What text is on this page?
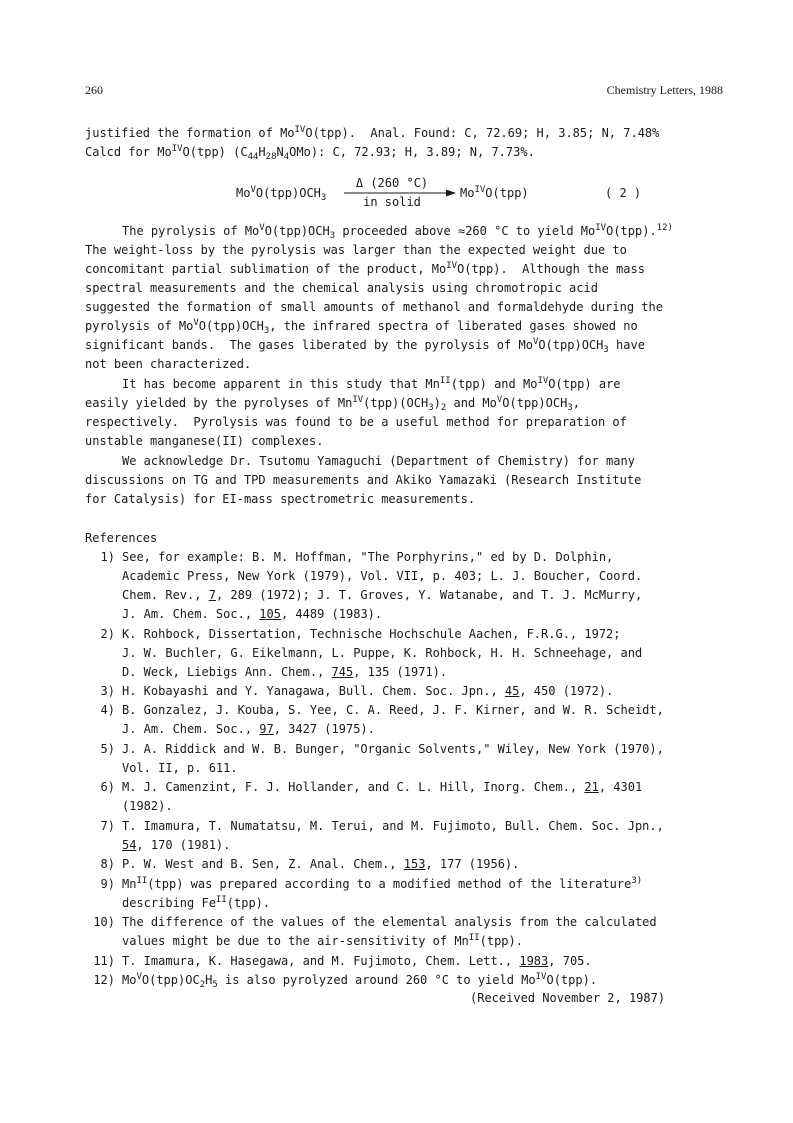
260	Chemistry Letters, 1988
justified the formation of $Mo^{IV}O(tpp)$.  Anal. Found: C, 72.69; H, 3.85; N, 7.48%
Calcd for $Mo^{IV}O(tpp)$ $(C_{44}H_{28}N_4OMo)$: C, 72.93; H, 3.89; N, 7.73%.
$Mo^VO(tpp)OCH_3$
Δ (260 °C)
in solid
$Mo^{IV}O(tpp)$	( 2 )
The pyrolysis of $Mo^VO(tpp)OCH_3$ proceeded above ≈260 °C to yield $Mo^{IV}O(tpp).^{12)}$
The weight-loss by the pyrolysis was larger than the expected weight due to
concomitant partial sublimation of the product, $Mo^{IV}O(tpp)$.  Although the mass
spectral measurements and the chemical analysis using chromotropic acid
suggested the formation of small amounts of methanol and formaldehyde during the
pyrolysis of $Mo^VO(tpp)OCH_3$, the infrared spectra of liberated gases showed no
significant bands.  The gases liberated by the pyrolysis of $Mo^VO(tpp)OCH_3$ have
not been characterized.
It has become apparent in this study that $Mn^{II}(tpp)$ and $Mo^{IV}O(tpp)$ are
easily yielded by the pyrolyses of $Mn^{IV}(tpp)(OCH_3)_2$ and $Mo^VO(tpp)OCH_3$,
respectively.  Pyrolysis was found to be a useful method for preparation of
unstable manganese(II) complexes.
We acknowledge Dr. Tsutomu Yamaguchi (Department of Chemistry) for many
discussions on TG and TPD measurements and Akiko Yamazaki (Research Institute
for Catalysis) for EI-mass spectrometric measurements.
References
1) See, for example: B. M. Hoffman, "The Porphyrins," ed by D. Dolphin,
Academic Press, New York (1979), Vol. VII, p. 403; L. J. Boucher, Coord.
Chem. Rev., 7, 289 (1972); J. T. Groves, Y. Watanabe, and T. J. McMurry,
J. Am. Chem. Soc., 105, 4489 (1983).
2) K. Rohbock, Dissertation, Technische Hochschule Aachen, F.R.G., 1972;
J. W. Buchler, G. Eikelmann, L. Puppe, K. Rohbock, H. H. Schneehage, and
D. Weck, Liebigs Ann. Chem., 745, 135 (1971).
3) H. Kobayashi and Y. Yanagawa, Bull. Chem. Soc. Jpn., 45, 450 (1972).
4) B. Gonzalez, J. Kouba, S. Yee, C. A. Reed, J. F. Kirner, and W. R. Scheidt,
J. Am. Chem. Soc., 97, 3427 (1975).
5) J. A. Riddick and W. B. Bunger, "Organic Solvents," Wiley, New York (1970),
Vol. II, p. 611.
6) M. J. Camenzint, F. J. Hollander, and C. L. Hill, Inorg. Chem., 21, 4301
(1982).
7) T. Imamura, T. Numatatsu, M. Terui, and M. Fujimoto, Bull. Chem. Soc. Jpn.,
54, 170 (1981).
8) P. W. West and B. Sen, Z. Anal. Chem., 153, 177 (1956).
9) $Mn^{II}(tpp)$ was prepared according to a modified method of the literature$^{3)}$
describing $Fe^{II}(tpp)$.
10) The difference of the values of the elemental analysis from the calculated
values might be due to the air-sensitivity of $Mn^{II}(tpp)$.
11) T. Imamura, K. Hasegawa, and M. Fujimoto, Chem. Lett., 1983, 705.
12) $Mo^VO(tpp)OC_2H_5$ is also pyrolyzed around 260 °C to yield $Mo^{IV}O(tpp)$.
(Received November 2, 1987)
